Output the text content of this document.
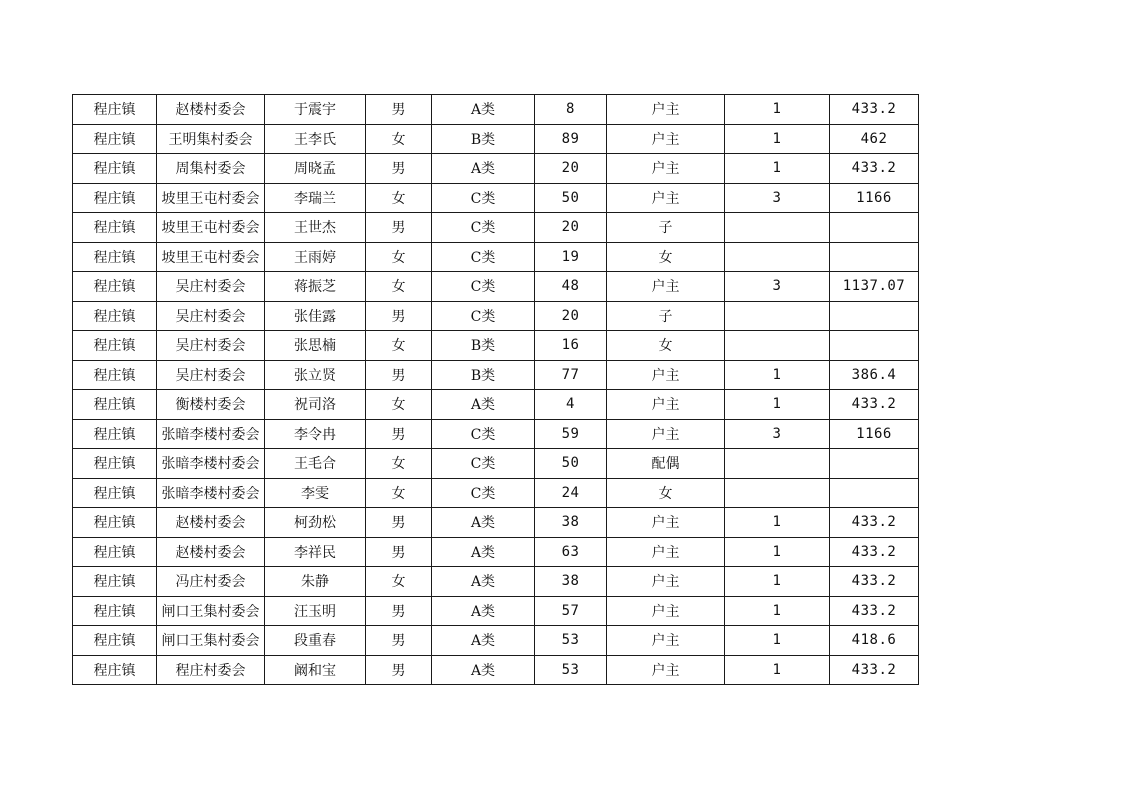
程庄镇	赵楼村委会	于震宇	男	A类	8	户主	1	433.2
程庄镇	王明集村委会	王李氏	女	B类	89	户主	1	462
程庄镇	周集村委会	周晓孟	男	A类	20	户主	1	433.2
程庄镇	坡里王屯村委会	李瑞兰	女	C类	50	户主	3	1166
程庄镇	坡里王屯村委会	王世杰	男	C类	20	子		
程庄镇	坡里王屯村委会	王雨婷	女	C类	19	女		
程庄镇	吴庄村委会	蒋振芝	女	C类	48	户主	3	1137.07
程庄镇	吴庄村委会	张佳露	男	C类	20	子		
程庄镇	吴庄村委会	张思楠	女	B类	16	女		
程庄镇	吴庄村委会	张立贤	男	B类	77	户主	1	386.4
程庄镇	衡楼村委会	祝司洛	女	A类	4	户主	1	433.2
程庄镇	张暗李楼村委会	李令冉	男	C类	59	户主	3	1166
程庄镇	张暗李楼村委会	王毛合	女	C类	50	配偶		
程庄镇	张暗李楼村委会	李雯	女	C类	24	女		
程庄镇	赵楼村委会	柯劲松	男	A类	38	户主	1	433.2
程庄镇	赵楼村委会	李祥民	男	A类	63	户主	1	433.2
程庄镇	冯庄村委会	朱静	女	A类	38	户主	1	433.2
程庄镇	闸口王集村委会	汪玉明	男	A类	57	户主	1	433.2
程庄镇	闸口王集村委会	段重春	男	A类	53	户主	1	418.6
程庄镇	程庄村委会	阚和宝	男	A类	53	户主	1	433.2
